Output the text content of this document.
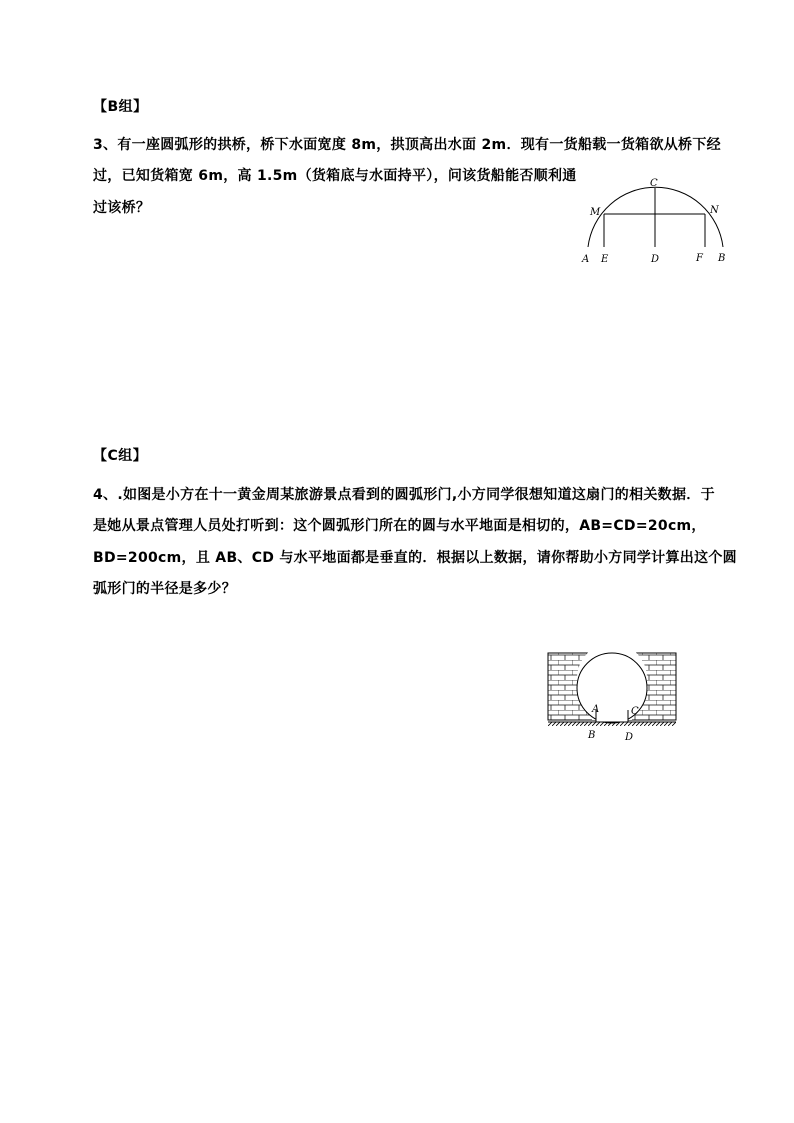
【B组】
3、有一座圆弧形的拱桥，桥下水面宽度 8m，拱顶高出水面 2m．现有一货船载一货箱欲从桥下经
过，已知货箱宽 6m，高 1.5m（货箱底与水面持平），问该货船能否顺利通
过该桥？
C
M	N
A E	D	F B
【C组】
4、.如图是小方在十一黄金周某旅游景点看到的圆弧形门,小方同学很想知道这扇门的相关数据．于
是她从景点管理人员处打听到：这个圆弧形门所在的圆与水平地面是相切的，AB=CD=20cm，
BD=200cm，且 AB、CD 与水平地面都是垂直的．根据以上数据，请你帮助小方同学计算出这个圆
弧形门的半径是多少？
A
B
C
D
